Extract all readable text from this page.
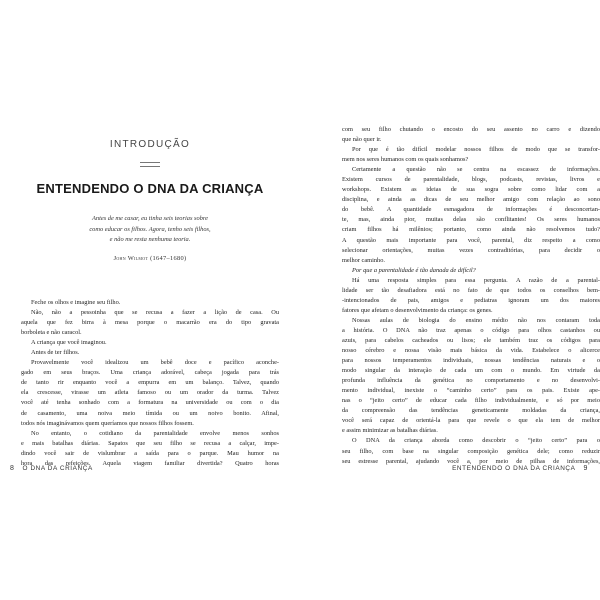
INTRODUÇÃO
ENTENDENDO O DNA DA CRIANÇA
Antes de me casar, eu tinha seis teorias sobre
como educar os filhos. Agora, tenho seis filhos,
e não me resta nenhuma teoria.
John Wilmot (1647–1680)
Feche os olhos e imagine seu filho.
Não, não a pessoinha que se recusa a fazer a lição de casa. Ou
aquela que fez birra à mesa porque o macarrão era do tipo gravata
borboleta e não caracol.
A criança que você imaginou.
Antes de ter filhos.
Provavelmente você idealizou um bebê doce e pacífico aconche-
gado em seus braços. Uma criança adorável, cabeça jogada para trás
de tanto rir enquanto você a empurra em um balanço. Talvez, quando
ela crescesse, virasse um atleta famoso ou um orador da turma. Talvez
você até tenha sonhado com a formatura na universidade ou com o dia
de casamento, uma noiva meio tímida ou um noivo bonito. Afinal,
todos nós imaginávamos quem queríamos que nossos filhos fossem.
No entanto, o cotidiano da parentalidade envolve menos sonhos
e mais batalhas diárias. Sapatos que seu filho se recusa a calçar, impe-
dindo você sair de vislumbrar a saída para o parque. Mau humor na
hora das refeições. Aquela viagem familiar divertida? Quatro horas
8 O DNA DA CRIANÇA
com seu filho chutando o encosto do seu assento no carro e dizendo
que não quer ir.
Por que é tão difícil modelar nossos filhos de modo que se transfor-
mem nos seres humanos com os quais sonhamos?
Certamente a questão não se centra na escassez de informações.
Existem cursos de parentalidade, blogs, podcasts, revistas, livros e
workshops. Existem as ideias de sua sogra sobre como lidar com a
disciplina, e ainda as dicas de seu melhor amigo com relação ao sono
do bebê. A quantidade esmagadora de informações é desconcertan-
te, mas, ainda pior, muitas delas são conflitantes! Os seres humanos
criam filhos há milênios; portanto, como ainda não resolvemos tudo?
A questão mais importante para você, parental, diz respeito a como
selecionar orientações, muitas vezes contraditórias, para decidir o
melhor caminho.
Por que a parentalidade é tão danada de difícil?
Há uma resposta simples para essa pergunta. A razão de a parental-
lidade ser tão desafiadora está no fato de que todos os conselhos bem-
-intencionados de pais, amigos e pediatras ignoram um dos maiores
fatores que afetam o desenvolvimento da criança: os genes.
Nossas aulas de biologia do ensino médio não nos contaram toda
a história. O DNA não traz apenas o código para olhos castanhos ou
azuis, para cabelos cacheados ou lisos; ele também traz os códigos para
nosso cérebro e nossa visão mais básica da vida. Estabelece o alicerce
para nossos temperamentos individuais, nossas tendências naturais e o
modo singular da interação de cada um com o mundo. Em virtude da
profunda influência da genética no comportamento e no desenvolvi-
mento individual, inexiste o “caminho certo” para os pais. Existe ape-
nas o “jeito certo” de educar cada filho individualmente, e só por meio
da compreensão das tendências geneticamente moldadas da criança,
você será capaz de orientá-la para que revele o que ela tem de melhor
e assim minimizar as batalhas diárias.
O DNA da criança aborda como descobrir o “jeito certo” para o
seu filho, com base na singular composição genética dele; como reduzir
seu estresse parental, ajudando você a, por meio de pilhas de informações,
ENTENDENDO O DNA DA CRIANÇA 9
